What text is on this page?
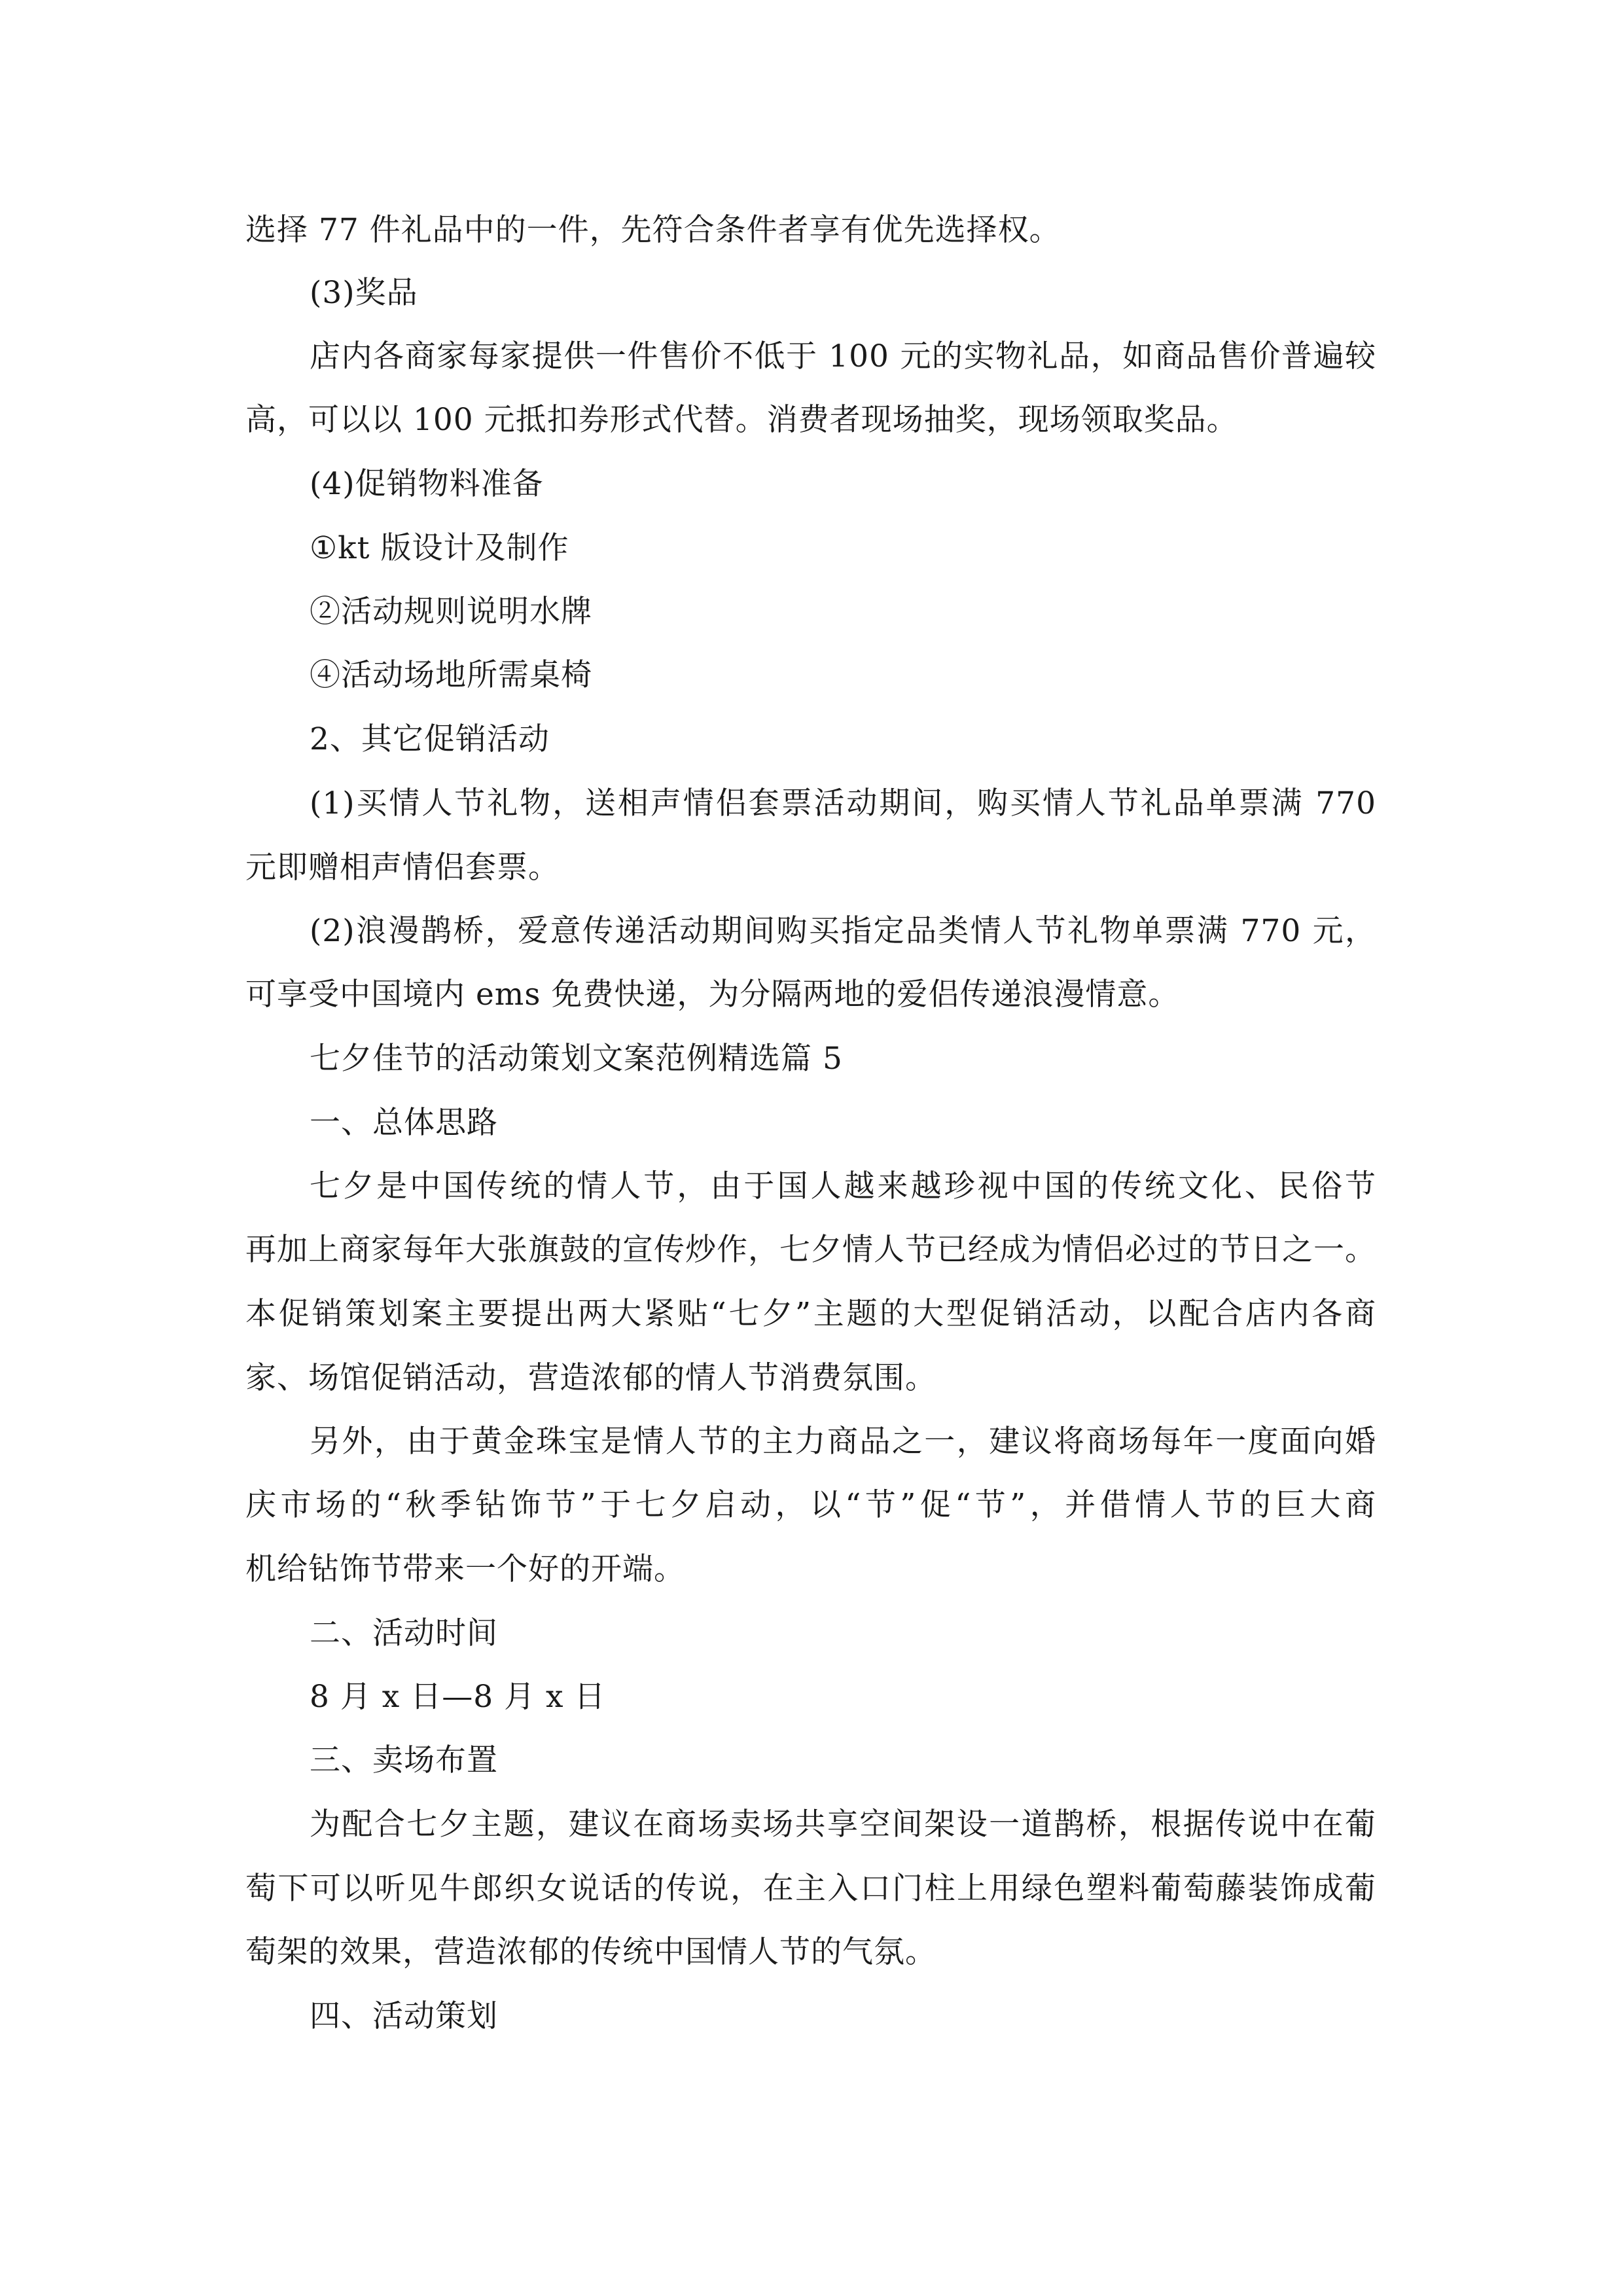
选择 77 件礼品中的一件，先符合条件者享有优先选择权。
(3)奖品
店内各商家每家提供一件售价不低于 100 元的实物礼品，如商品售价普遍较
高，可以以 100 元抵扣券形式代替。消费者现场抽奖，现场领取奖品。
(4)促销物料准备
①kt 版设计及制作
②活动规则说明水牌
④活动场地所需桌椅
2、其它促销活动
(1)买情人节礼物，送相声情侣套票活动期间，购买情人节礼品单票满 770
元即赠相声情侣套票。
(2)浪漫鹊桥，爱意传递活动期间购买指定品类情人节礼物单票满 770 元，
可享受中国境内 ems 免费快递，为分隔两地的爱侣传递浪漫情意。
七夕佳节的活动策划文案范例精选篇 5
一、总体思路
七夕是中国传统的情人节，由于国人越来越珍视中国的传统文化、民俗节
再加上商家每年大张旗鼓的宣传炒作，七夕情人节已经成为情侣必过的节日之一。
本促销策划案主要提出两大紧贴“七夕”主题的大型促销活动，以配合店内各商
家、场馆促销活动，营造浓郁的情人节消费氛围。
另外，由于黄金珠宝是情人节的主力商品之一，建议将商场每年一度面向婚
庆市场的“秋季钻饰节”于七夕启动，以“节”促“节”，并借情人节的巨大商
机给钻饰节带来一个好的开端。
二、活动时间
8 月 x 日—8 月 x 日
三、卖场布置
为配合七夕主题，建议在商场卖场共享空间架设一道鹊桥，根据传说中在葡
萄下可以听见牛郎织女说话的传说，在主入口门柱上用绿色塑料葡萄藤装饰成葡
萄架的效果，营造浓郁的传统中国情人节的气氛。
四、活动策划
